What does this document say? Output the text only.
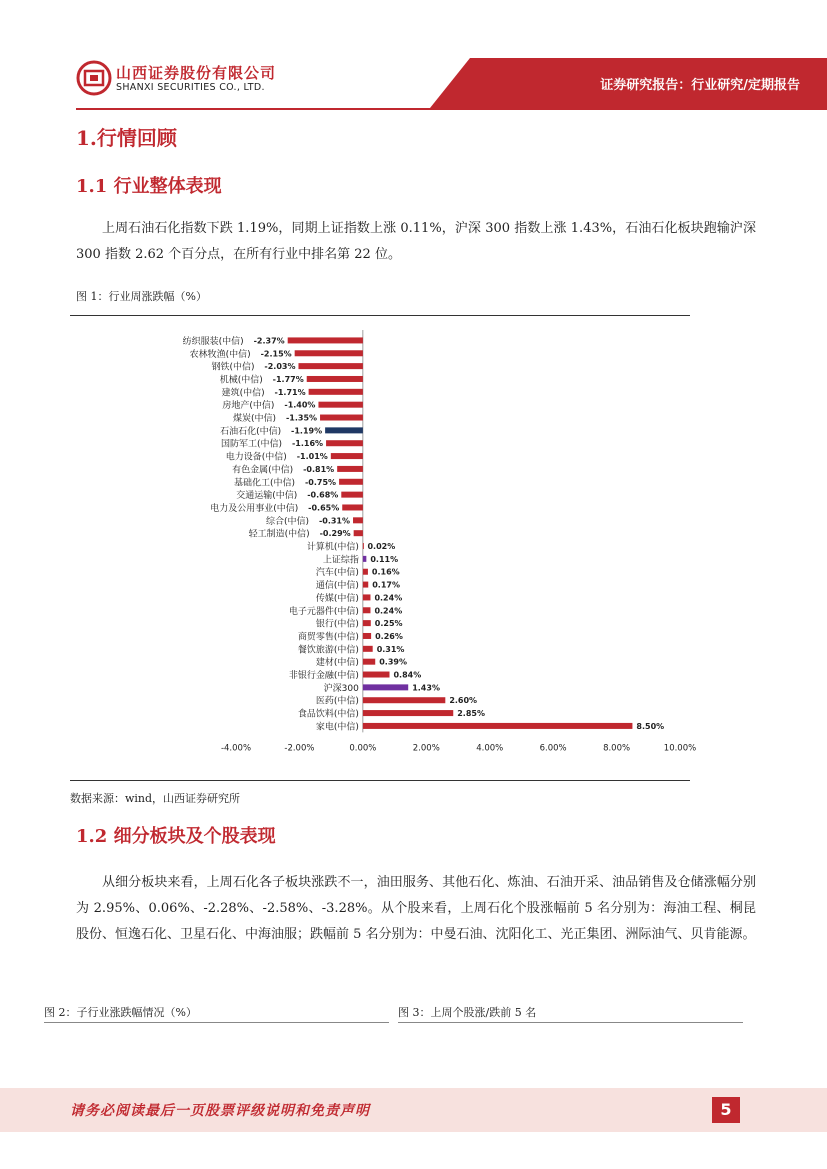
山西证券股份有限公司
SHANXI SECURITIES CO., LTD.	证券研究报告：行业研究/定期报告
1.行情回顾
1.1 行业整体表现
上周石油石化指数下跌 1.19%，同期上证指数上涨 0.11%，沪深 300 指数上涨 1.43%，石油石化板块跑输沪深 300 指数 2.62 个百分点，在所有行业中排名第 22 位。
图 1：行业周涨跌幅（%）
纺织服装(中信) -2.37%
农林牧渔(中信) -2.15%
钢铁(中信) -2.03%
机械(中信) -1.77%
建筑(中信) -1.71%
房地产(中信) -1.40%
煤炭(中信) -1.35%
石油石化(中信) -1.19%
国防军工(中信) -1.16%
电力设备(中信) -1.01%
有色金属(中信) -0.81%
基础化工(中信) -0.75%
交通运输(中信) -0.68%
电力及公用事业(中信) -0.65%
综合(中信) -0.31%
轻工制造(中信) -0.29%
计算机(中信) 0.02%
上证综指 0.11%
汽车(中信) 0.16%
通信(中信) 0.17%
传媒(中信) 0.24%
电子元器件(中信) 0.24%
银行(中信) 0.25%
商贸零售(中信) 0.26%
餐饮旅游(中信) 0.31%
建材(中信)	0.39%
非银行金融(中信)	0.84%
沪深300	1.43%
医药(中信)	2.60%
食品饮料(中信)	2.85%
家电(中信)	8.50%
-4.00%	-2.00%	0.00%	2.00%	4.00%	6.00%	8.00%	10.00%
数据来源：wind，山西证券研究所
1.2 细分板块及个股表现
从细分板块来看，上周石化各子板块涨跌不一，油田服务、其他石化、炼油、石油开采、油品销售及仓储涨幅分别为 2.95%、0.06%、-2.28%、-2.58%、-3.28%。从个股来看，上周石化个股涨幅前 5 名分别为：海油工程、桐昆股份、恒逸石化、卫星石化、中海油服；跌幅前 5 名分别为：中曼石油、沈阳化工、光正集团、洲际油气、贝肯能源。
图 2：子行业涨跌幅情况（%）	图 3：上周个股涨/跌前 5 名
请务必阅读最后一页股票评级说明和免责声明	5
